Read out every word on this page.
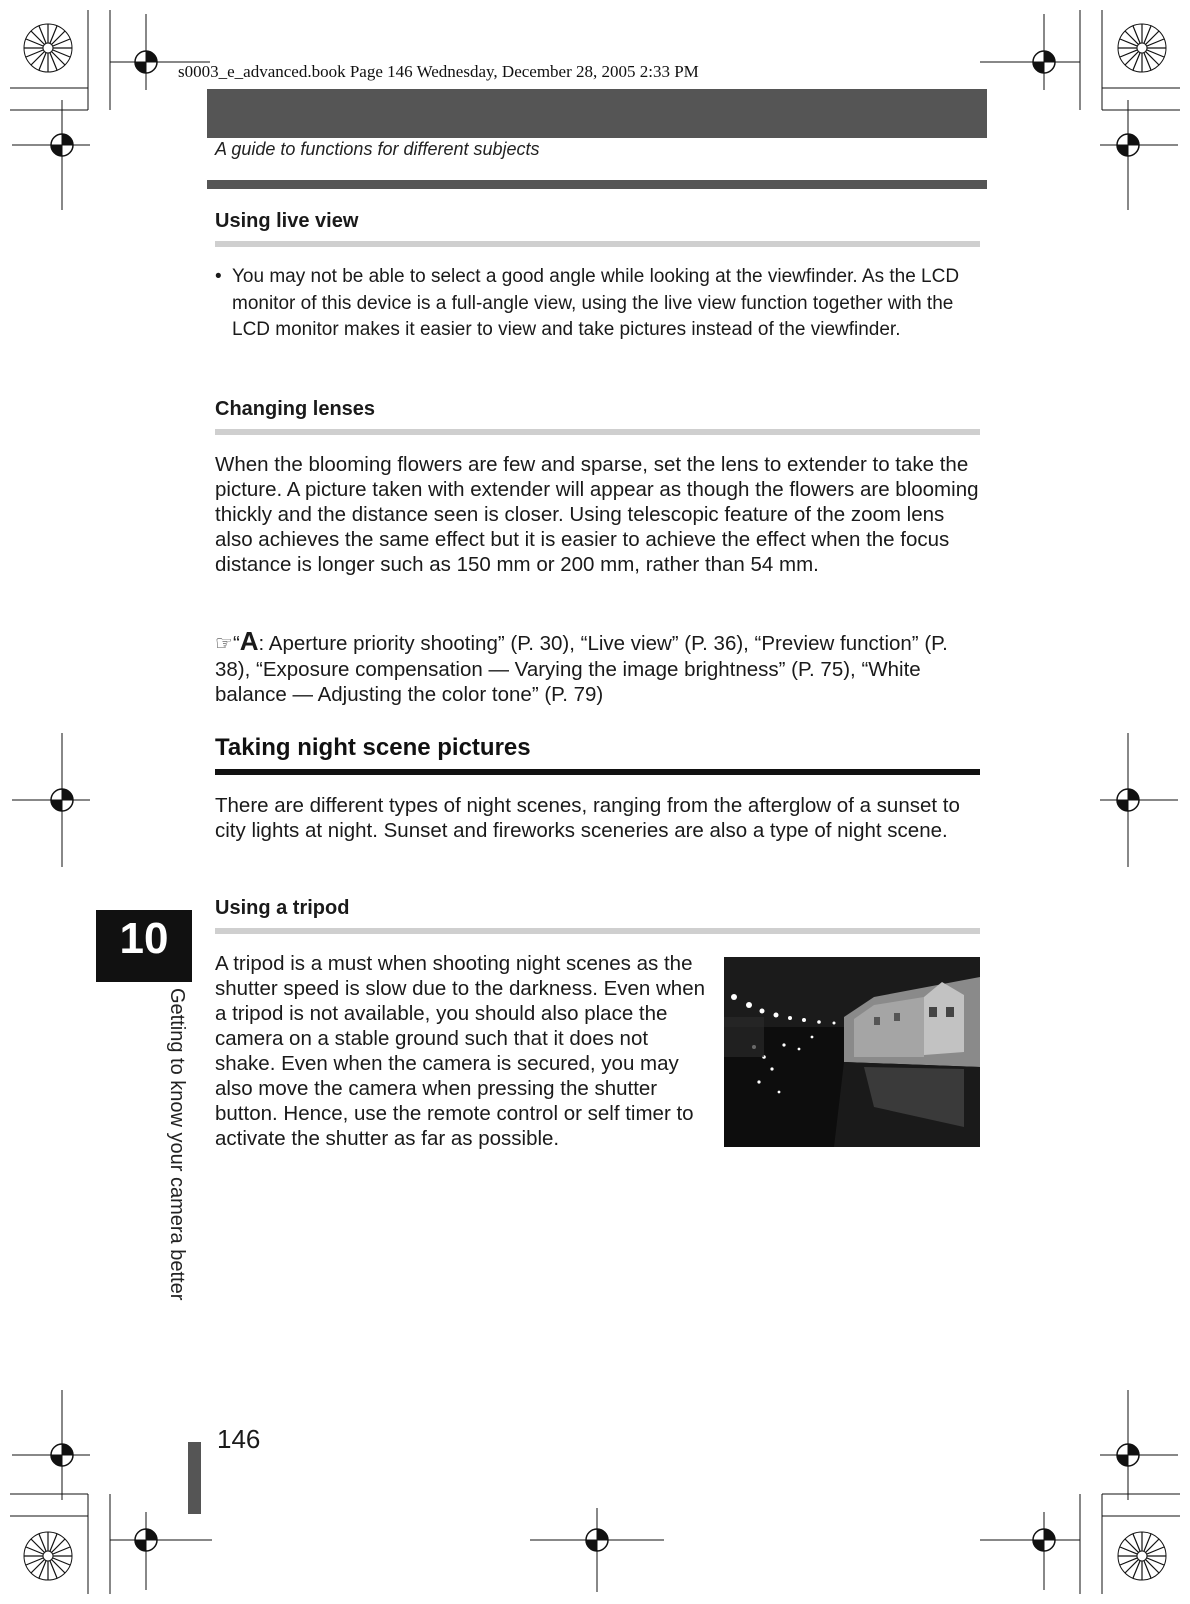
s0003_e_advanced.book Page 146 Wednesday, December 28, 2005 2:33 PM
A guide to functions for different subjects
Using live view
• You may not be able to select a good angle while looking at the viewfinder. As the LCD monitor of this device is a full-angle view, using the live view function together with the LCD monitor makes it easier to view and take pictures instead of the viewfinder.
Changing lenses

When the blooming flowers are few and sparse, set the lens to extender to take the picture. A picture taken with extender will appear as though the flowers are blooming thickly and the distance seen is closer. Using telescopic feature of the zoom lens also achieves the same effect but it is easier to achieve the effect when the focus distance is longer such as 150 mm or 200 mm, rather than 54 mm.

☞“A: Aperture priority shooting” (P. 30), “Live view” (P. 36), “Preview function” (P. 38), “Exposure compensation — Varying the image brightness” (P. 75), “White balance — Adjusting the color tone” (P. 79)

Taking night scene pictures

There are different types of night scenes, ranging from the afterglow of a sunset to city lights at night. Sunset and fireworks sceneries are also a type of night scene.

Using a tripod

A tripod is a must when shooting night scenes as the shutter speed is slow due to the darkness. Even when a tripod is not available, you should also place the camera on a stable ground such that it does not shake. Even when the camera is secured, you may also move the camera when pressing the shutter button. Hence, use the remote control or self timer to activate the shutter as far as possible.

10
Getting to know your camera better
146
